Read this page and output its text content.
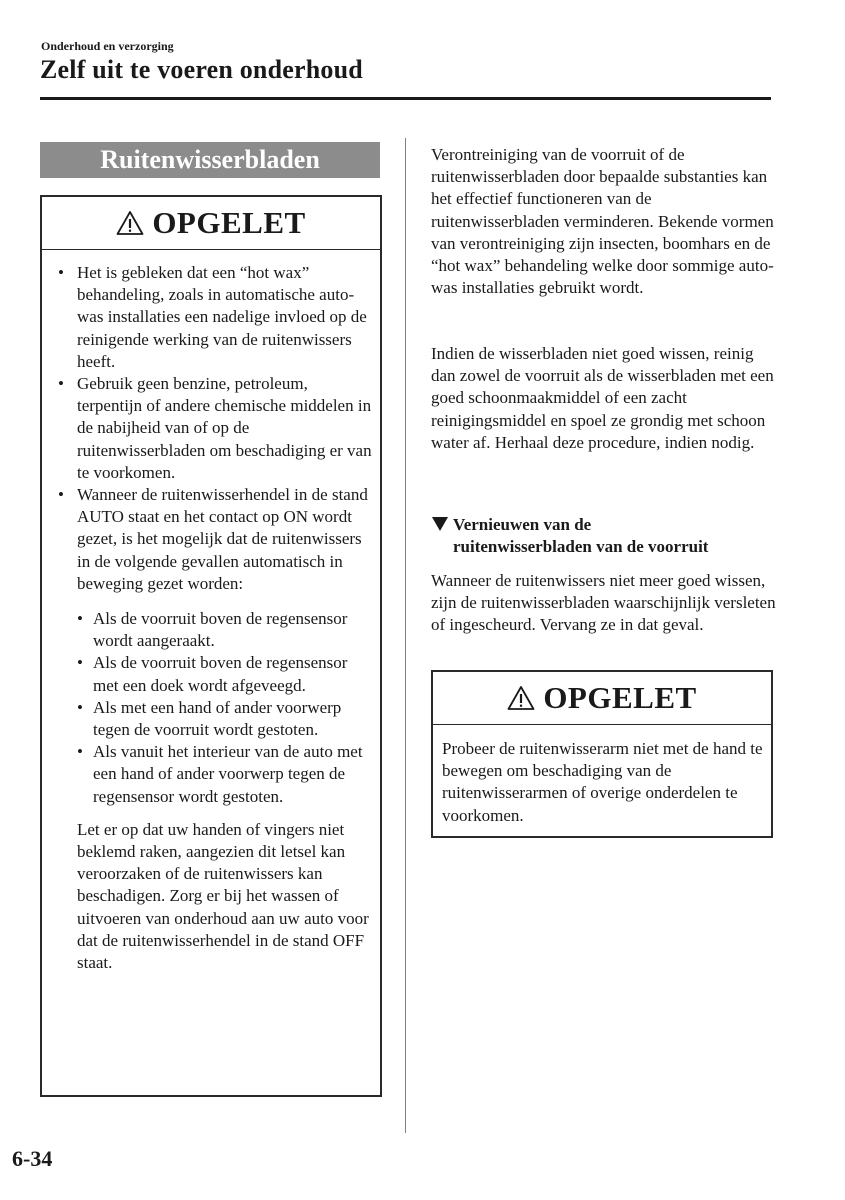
Onderhoud en verzorging
Zelf uit te voeren onderhoud
Ruitenwisserbladen
OPGELET
• Het is gebleken dat een “hot wax” behandeling, zoals in automatische auto-was installaties een nadelige invloed op de reinigende werking van de ruitenwissers heeft.
• Gebruik geen benzine, petroleum, terpentijn of andere chemische middelen in de nabijheid van of op de ruitenwisserbladen om beschadiging er van te voorkomen.
• Wanneer de ruitenwisserhendel in de stand AUTO staat en het contact op ON wordt gezet, is het mogelijk dat de ruitenwissers in de volgende gevallen automatisch in beweging gezet worden:
• Als de voorruit boven de regensensor wordt aangeraakt.
• Als de voorruit boven de regensensor met een doek wordt afgeveegd.
• Als met een hand of ander voorwerp tegen de voorruit wordt gestoten.
• Als vanuit het interieur van de auto met een hand of ander voorwerp tegen de regensensor wordt gestoten.

Let er op dat uw handen of vingers niet beklemd raken, aangezien dit letsel kan veroorzaken of de ruitenwissers kan beschadigen. Zorg er bij het wassen of uitvoeren van onderhoud aan uw auto voor dat de ruitenwisserhendel in de stand OFF staat.

Verontreiniging van de voorruit of de ruitenwisserbladen door bepaalde substanties kan het effectief functioneren van de ruitenwisserbladen verminderen. Bekende vormen van verontreiniging zijn insecten, boomhars en de “hot wax” behandeling welke door sommige auto-was installaties gebruikt wordt.
Indien de wisserbladen niet goed wissen, reinig dan zowel de voorruit als de wisserbladen met een goed schoonmaakmiddel of een zacht reinigingsmiddel en spoel ze grondig met schoon water af. Herhaal deze procedure, indien nodig.
Vernieuwen van de
ruitenwisserbladen van de voorruit
Wanneer de ruitenwissers niet meer goed wissen, zijn de ruitenwisserbladen waarschijnlijk versleten of ingescheurd. Vervang ze in dat geval.
OPGELET
Probeer de ruitenwisserarm niet met de hand te bewegen om beschadiging van de ruitenwisserarmen of overige onderdelen te voorkomen.
6-34
